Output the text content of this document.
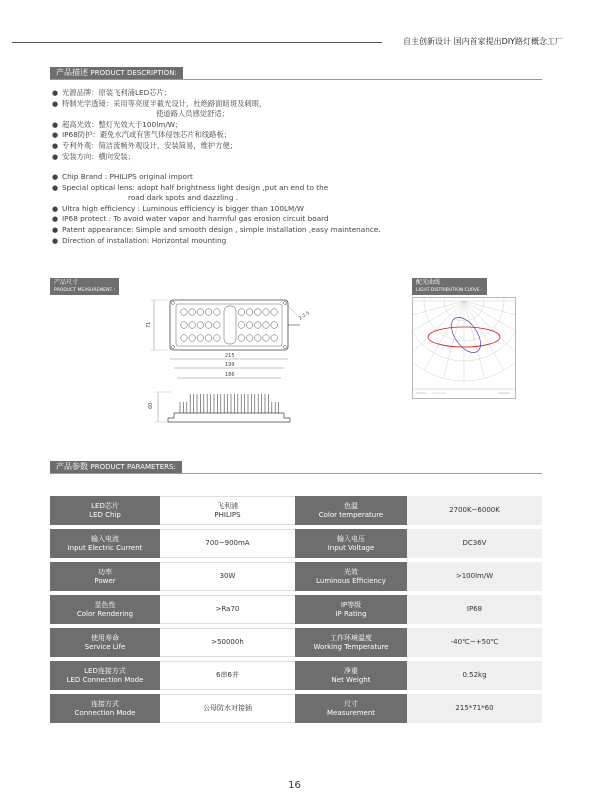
自主创新设计 国内首家提出DIY路灯概念工厂
产品描述 PRODUCT DESCRIPTION:
● 光源品牌：原装飞利浦LED芯片；
● 特制光学透镜：采用等亮度半截光设计，杜绝路面暗斑及刺眼，
使道路人员感觉舒适；
● 超高光效：整灯光效大于100lm/W；
● IP68防护：避免水汽或有害气体侵蚀芯片和线路板；
● 专利外观：简洁流畅外观设计，安装简易，维护方便；
● 安装方向：横向安装；
● Chip Brand : PHILIPS original import
● Special optical lens: adopt half brightness light design ,put an end to the
road dark spots and dazzling .
● Ultra high efficiency : Luminous efficiency is bigger than 100LM/W
● IP68 protect : To avoid water vapor and harmful gas erosion circuit board
● Patent appearance: Simple and smooth design , simple installation ,easy maintenance.
● Direction of installation: Horizontal mounting
产品尺寸
PRODUCT MEASUREMENT :
71
2-2.5
215
199
186
60
配光曲线
LIGHT DISTRIBUTION CURVE :
产品参数 PRODUCT PARAMETERS:
LED芯片
LED Chip
飞利浦
PHILIPS
色温
Color temperature
2700K~6000K
输入电流
Input Electric Current
700~900mA
输入电压
Input Voltage
DC36V
功率
Power
30W
光效
Luminous Efficiency
>100lm/W
显色性
Color Rendering
>Ra70
IP等级
IP Rating
IP68
使用寿命
Service Life
>50000h
工作环境温度
Working Temperature
-40℃~+50℃
LED连接方式
LED Connection Mode
6串6并
净重
Net Weight
0.52kg
连接方式
Connection Mode
公母防水对接插
尺寸
Measurement
215*71*60
16
